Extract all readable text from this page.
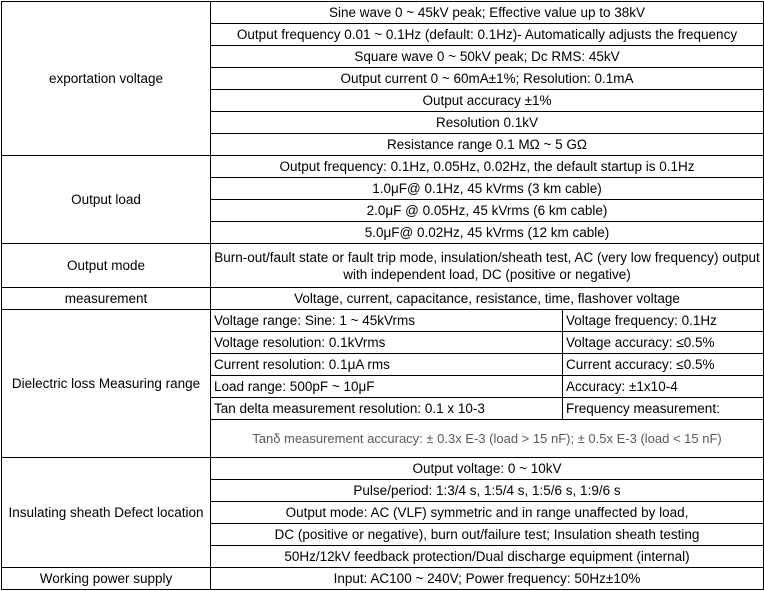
exportation voltage	Sine wave 0 ~ 45kV peak; Effective value up to 38kV	
	Output frequency 0.01 ~ 0.1Hz (default: 0.1Hz)- Automatically adjusts the frequency	
	Square wave 0 ~ 50kV peak; Dc RMS: 45kV	
	Output current 0 ~ 60mA±1%; Resolution: 0.1mA	
	Output accuracy ±1%	
	Resolution 0.1kV	
	Resistance range 0.1 MΩ ~ 5 GΩ	
Output load	Output frequency: 0.1Hz, 0.05Hz, 0.02Hz, the default startup is 0.1Hz	
	1.0μF@ 0.1Hz, 45 kVrms (3 km cable)	
	2.0μF @ 0.05Hz, 45 kVrms (6 km cable)	
	5.0μF@ 0.02Hz, 45 kVrms (12 km cable)	
Output mode	Burn-out/fault state or fault trip mode, insulation/sheath test, AC (very low frequency) output with independent load, DC (positive or negative)	
measurement	Voltage, current, capacitance, resistance, time, flashover voltage	
Dielectric loss Measuring range	Voltage range: Sine: 1 ~ 45kVrms	Voltage frequency: 0.1Hz
	Voltage resolution: 0.1kVrms	Voltage accuracy: ≤0.5%
	Current resolution: 0.1μA rms	Current accuracy: ≤0.5%
	Load range: 500pF ~ 10μF	Accuracy: ±1x10-4
	Tan delta measurement resolution: 0.1 x 10-3	Frequency measurement:
	Tanδ measurement accuracy: ± 0.3x E-3 (load > 15 nF); ± 0.5x E-3 (load < 15 nF)	
Insulating sheath Defect location	Output voltage: 0 ~ 10kV	
	Pulse/period: 1:3/4 s, 1:5/4 s, 1:5/6 s, 1:9/6 s	
	Output mode: AC (VLF) symmetric and in range unaffected by load,	
	DC (positive or negative), burn out/failure test; Insulation sheath testing	
	50Hz/12kV feedback protection/Dual discharge equipment (internal)	
Working power supply	Input: AC100 ~ 240V; Power frequency: 50Hz±10%	
